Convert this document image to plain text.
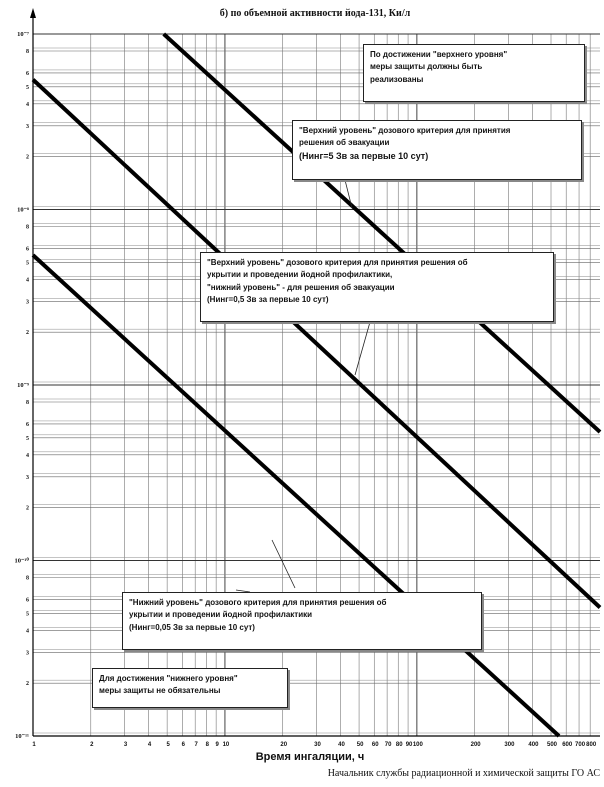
1	2	3	4	5 6 7 8 9 10	20	30	40 50 60 70 80 90 100	200	300 400 500 600 700 800
10⁻¹¹
2
3
4
5
6
8
10⁻¹⁰
2
3
4
5
6
8
10⁻⁹
2
3
4
5
6
8
10⁻⁸
2
3
4
5
6
8
10⁻⁷
б) по объемной активности йода-131, Ки/л
По достижении "верхнего уровня"
меры защиты должны быть
реализованы
"Верхний уровень" дозового критерия для принятия
решения об эвакуации
(Нинг=5 Зв за первые 10 сут)
"Верхний уровень" дозового критерия для принятия решения об
укрытии и проведении йодной профилактики,
"нижний уровень" - для решения об эвакуации
(Нинг=0,5 Зв за первые 10 сут)
"Нижний уровень" дозового критерия для принятия решения об
укрытии и проведении йодной профилактики
(Нинг=0,05 Зв за первые 10 сут)
Для достижения "нижнего уровня"
меры защиты не обязательны
Время ингаляции, ч
Начальник службы радиационной и химической защиты ГО АС
